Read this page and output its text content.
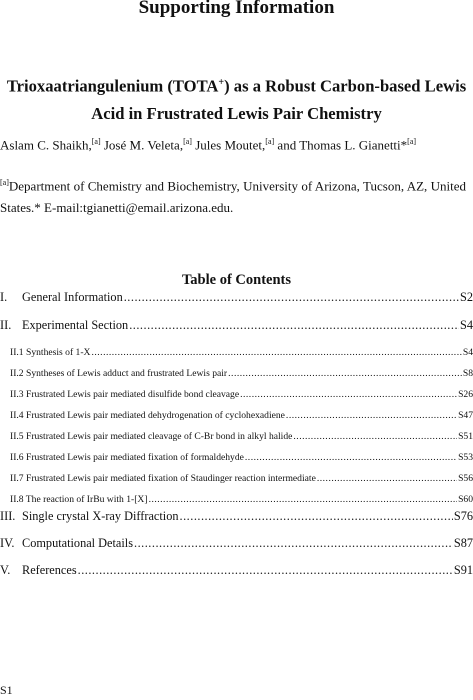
Supporting Information
Trioxaatriangulenium (TOTA+) as a Robust Carbon-based Lewis
Acid in Frustrated Lewis Pair Chemistry
Aslam C. Shaikh,[a] José M. Veleta,[a] Jules Moutet,[a] and Thomas L. Gianetti*[a]
[a]Department of Chemistry and Biochemistry, University of Arizona, Tucson, AZ, United
States.* E-mail:tgianetti@email.arizona.edu.
Table of Contents
I.	General Information .....	S2
II. Experimental Section .....	S4
II.1 Synthesis of 1-X .....	S4
II.2 Syntheses of Lewis adduct and frustrated Lewis pair .....	S8
II.3 Frustrated Lewis pair mediated disulfide bond cleavage .....	S26
II.4 Frustrated Lewis pair mediated dehydrogenation of cyclohexadiene .....	S47
II.5 Frustrated Lewis pair mediated cleavage of C-Br bond in alkyl halide .....	S51
II.6 Frustrated Lewis pair mediated fixation of formaldehyde .....	S53
II.7 Frustrated Lewis pair mediated fixation of Staudinger reaction intermediate .....	S56
II.8 The reaction of IrBu with 1-[X] .....	S60
III. Single crystal X-ray Diffraction .....	S76
IV. Computational Details .....	S87
V. References .....	S91
S1
